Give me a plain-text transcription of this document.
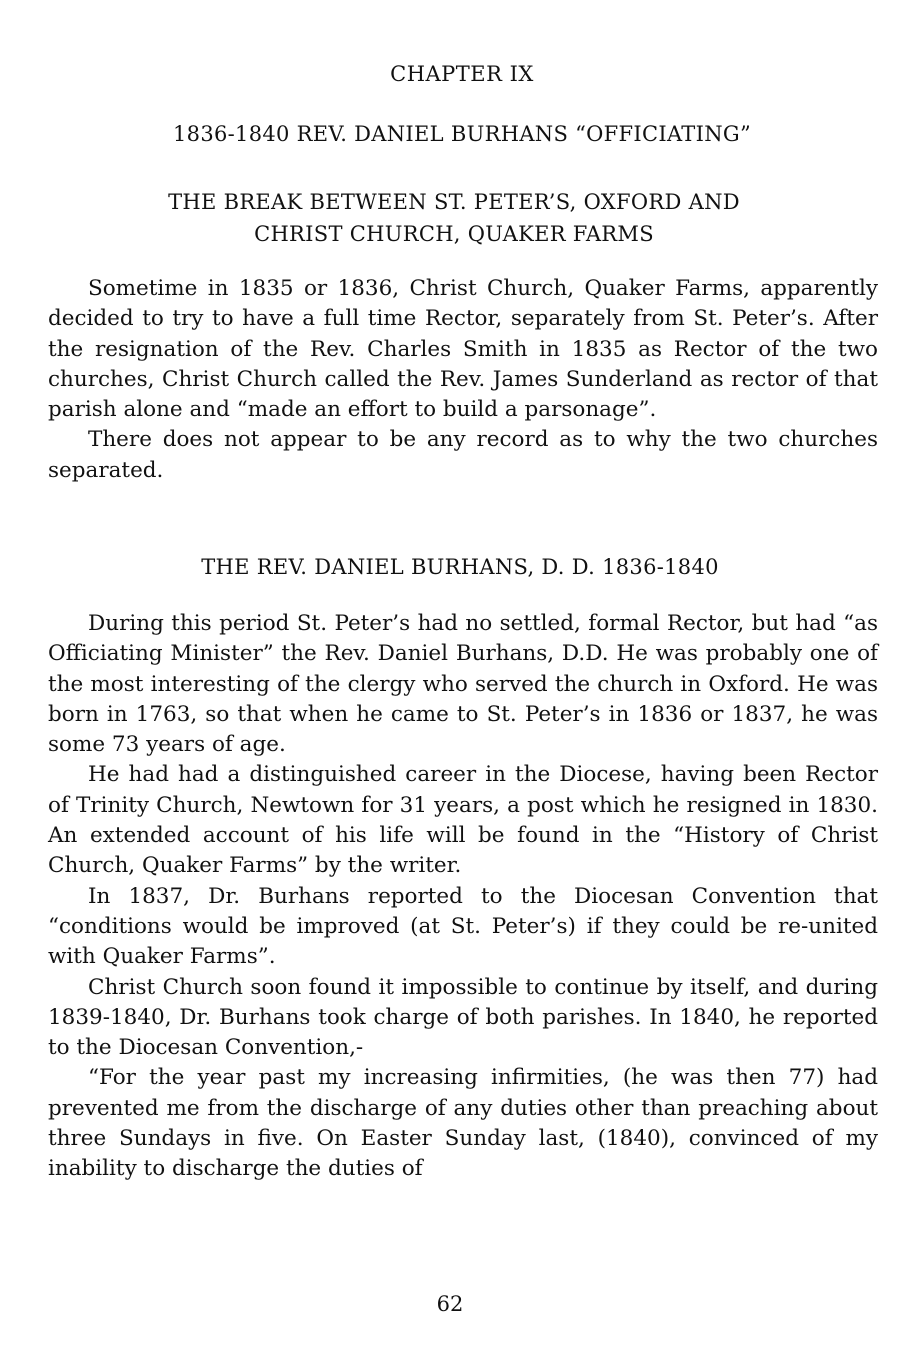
CHAPTER IX
1836-1840 REV. DANIEL BURHANS “OFFICIATING”
THE BREAK BETWEEN ST. PETER’S, OXFORD AND
CHRIST CHURCH, QUAKER FARMS

Sometime in 1835 or 1836, Christ Church, Quaker Farms, apparently decided to try to have a full time Rector, separately from St. Peter’s. After the resignation of the Rev. Charles Smith in 1835 as Rector of the two churches, Christ Church called the Rev. James Sunderland as rector of that parish alone and “made an effort to build a parsonage”.

There does not appear to be any record as to why the two churches separated.

THE REV. DANIEL BURHANS, D. D. 1836-1840

During this period St. Peter’s had no settled, formal Rector, but had “as Officiating Minister” the Rev. Daniel Burhans, D.D. He was probably one of the most interesting of the clergy who served the church in Oxford. He was born in 1763, so that when he came to St. Peter’s in 1836 or 1837, he was some 73 years of age.

He had had a distinguished career in the Diocese, having been Rector of Trinity Church, Newtown for 31 years, a post which he resigned in 1830. An extended account of his life will be found in the “History of Christ Church, Quaker Farms” by the writer.

In 1837, Dr. Burhans reported to the Diocesan Convention that “conditions would be improved (at St. Peter’s) if they could be re-united with Quaker Farms”.

Christ Church soon found it impossible to continue by itself, and during 1839-1840, Dr. Burhans took charge of both parishes. In 1840, he reported to the Diocesan Convention,-

“For the year past my increasing infirmities, (he was then 77) had prevented me from the discharge of any duties other than preaching about three Sundays in five. On Easter Sunday last, (1840), convinced of my inability to discharge the duties of

62
